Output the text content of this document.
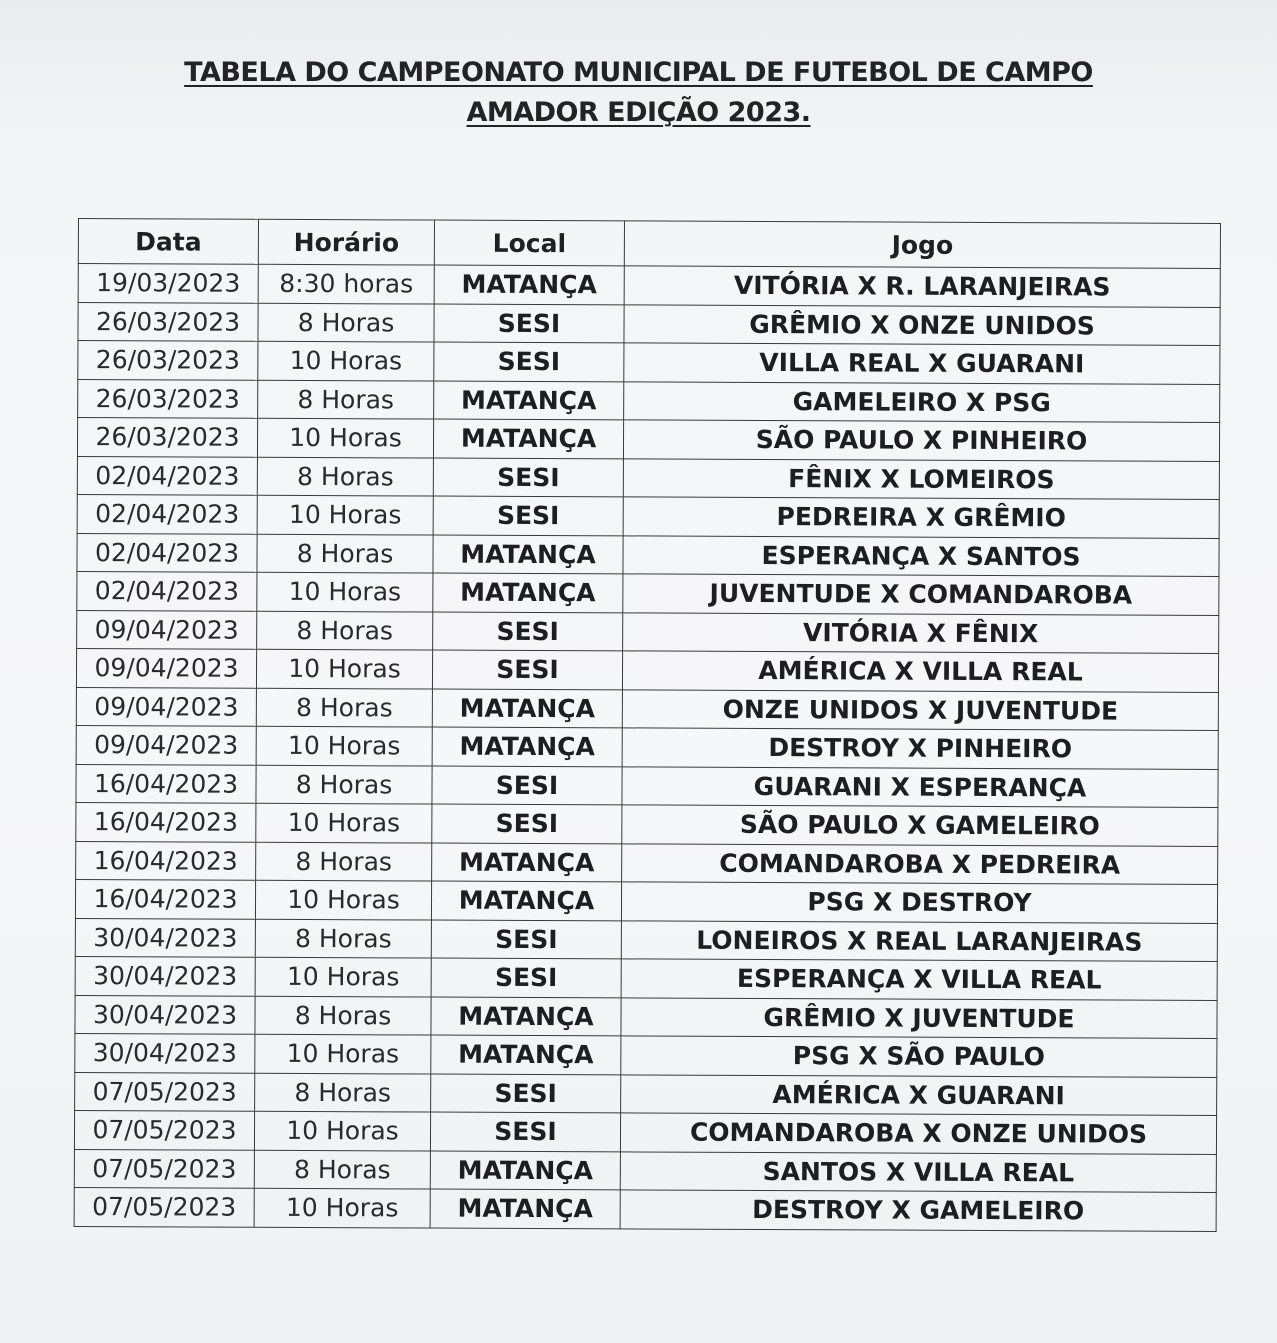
TABELA DO CAMPEONATO MUNICIPAL DE FUTEBOL DE CAMPO
AMADOR EDIÇÃO 2023.
Data	Horário	Local	Jogo
19/03/2023	8:30 horas	MATANÇA	VITÓRIA X R. LARANJEIRAS
26/03/2023	8 Horas	SESI	GRÊMIO X ONZE UNIDOS
26/03/2023	10 Horas	SESI	VILLA REAL X GUARANI
26/03/2023	8 Horas	MATANÇA	GAMELEIRO X PSG
26/03/2023	10 Horas	MATANÇA	SÃO PAULO X PINHEIRO
02/04/2023	8 Horas	SESI	FÊNIX X LOMEIROS
02/04/2023	10 Horas	SESI	PEDREIRA X GRÊMIO
02/04/2023	8 Horas	MATANÇA	ESPERANÇA X SANTOS
02/04/2023	10 Horas	MATANÇA	JUVENTUDE X COMANDAROBA
09/04/2023	8 Horas	SESI	VITÓRIA X FÊNIX
09/04/2023	10 Horas	SESI	AMÉRICA X VILLA REAL
09/04/2023	8 Horas	MATANÇA	ONZE UNIDOS X JUVENTUDE
09/04/2023	10 Horas	MATANÇA	DESTROY X PINHEIRO
16/04/2023	8 Horas	SESI	GUARANI X ESPERANÇA
16/04/2023	10 Horas	SESI	SÃO PAULO X GAMELEIRO
16/04/2023	8 Horas	MATANÇA	COMANDAROBA X PEDREIRA
16/04/2023	10 Horas	MATANÇA	PSG X DESTROY
30/04/2023	8 Horas	SESI	LONEIROS X REAL LARANJEIRAS
30/04/2023	10 Horas	SESI	ESPERANÇA X VILLA REAL
30/04/2023	8 Horas	MATANÇA	GRÊMIO X JUVENTUDE
30/04/2023	10 Horas	MATANÇA	PSG X SÃO PAULO
07/05/2023	8 Horas	SESI	AMÉRICA X GUARANI
07/05/2023	10 Horas	SESI	COMANDAROBA X ONZE UNIDOS
07/05/2023	8 Horas	MATANÇA	SANTOS X VILLA REAL
07/05/2023	10 Horas	MATANÇA	DESTROY X GAMELEIRO
